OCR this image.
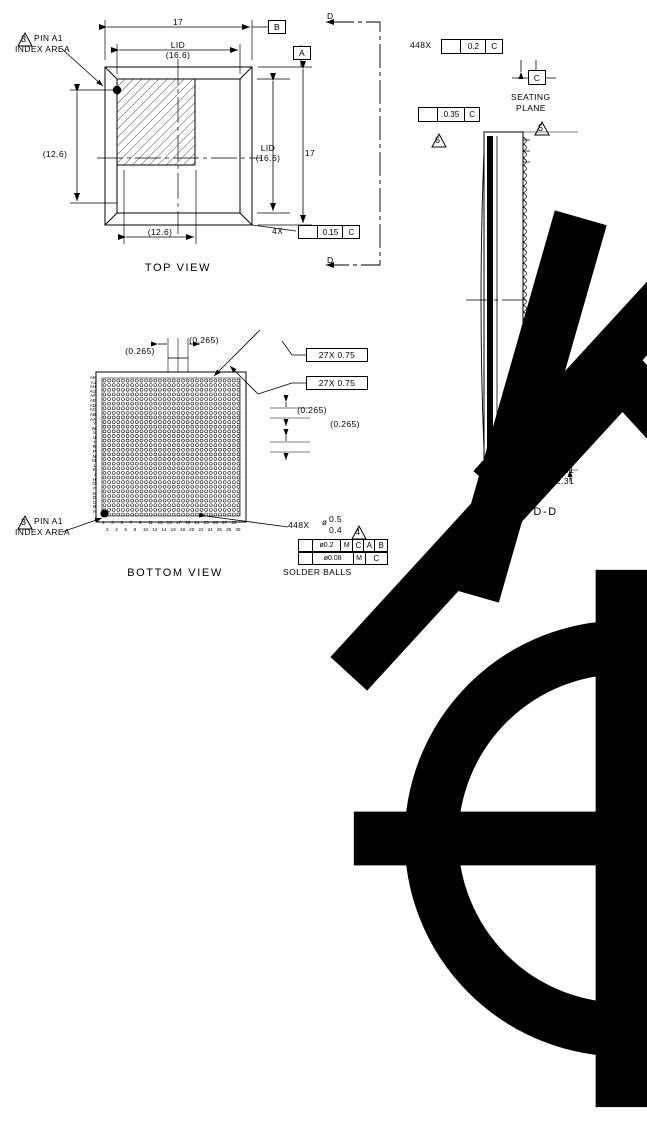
17
LID
(16.6)
B
A
LID
(16.6)	17
(12.6)
(12.6)
D
D
4X	0.15	C
3 PIN A1
INDEX AREA
TOP VIEW
448X	0.2	C
C
SEATING
PLANE
5
0.35	C
6
0.4
0.2
2.61
2.31
VIEW D-D
(0.265)
(0.265)
(0.265)
(0.265)
27X 0.75
27X 0.75
448X ø 0.5
0.4 4
ø0.2	M C A B
ø0.08	M	C
SOLDER BALLS
3 PIN A1
INDEX AREA
BOTTOM VIEW
AK
AJ
AH
AG
AF
AE
AD
AC
AB
AA
Y
W
V
U
T
R
P
N
M
L
K
J
H
G
F
E
D
C
B
A
1 3 5 7 9 11 13 15 17 19 21 23 25 27 29
2 4 6 8 10 12 14 16 18 20 22 24 26 28 30
